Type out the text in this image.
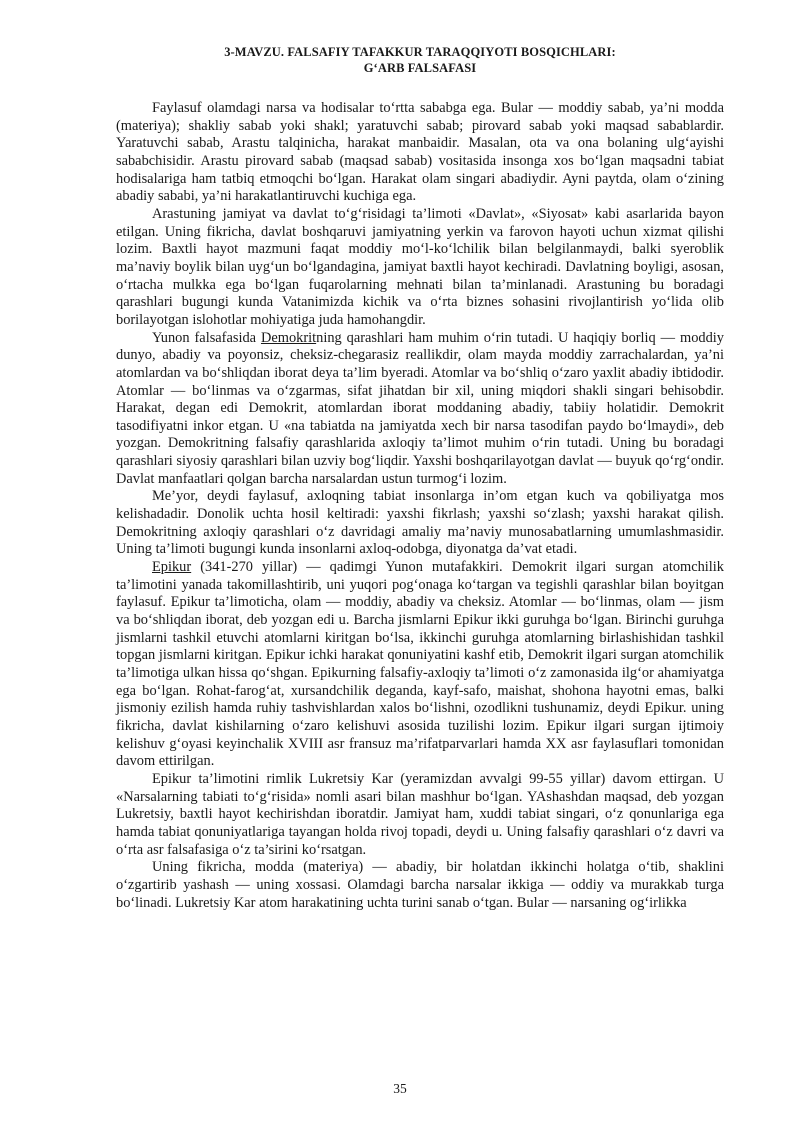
3-MAVZU. FALSAFIY TAFAKKUR TARAQQIYOTI BOSQICHLARI:
G‘ARB FALSAFASI

Faylasuf olamdagi narsa va hodisalar to‘rtta sababga ega. Bular — moddiy sabab, ya’ni modda (materiya); shakliy sabab yoki shakl; yaratuvchi sabab; pirovard sabab yoki maqsad sabablardir. Yaratuvchi sabab, Arastu talqinicha, harakat manbaidir. Masalan, ota va ona bolaning ulg‘ayishi sababchisidir. Arastu pirovard sabab (maqsad sabab) vositasida insonga xos bo‘lgan maqsadni tabiat hodisalariga ham tatbiq etmoqchi bo‘lgan. Harakat olam singari abadiydir. Ayni paytda, olam o‘zining abadiy sababi, ya’ni harakatlantiruvchi kuchiga ega.

Arastuning jamiyat va davlat to‘g‘risidagi ta’limoti «Davlat», «Siyosat» kabi asarlarida bayon etilgan. Uning fikricha, davlat boshqaruvi jamiyatning yerkin va farovon hayoti uchun xizmat qilishi lozim. Baxtli hayot mazmuni faqat moddiy mo‘l-ko‘lchilik bilan belgilanmaydi, balki syeroblik ma’naviy boylik bilan uyg‘un bo‘lgandagina, jamiyat baxtli hayot kechiradi. Davlatning boyligi, asosan, o‘rtacha mulkka ega bo‘lgan fuqarolarning mehnati bilan ta’minlanadi. Arastuning bu boradagi qarashlari bugungi kunda Vatanimizda kichik va o‘rta biznes sohasini rivojlantirish yo‘lida olib borilayotgan islohotlar mohiyatiga juda hamohangdir.

Yunon falsafasida Demokritning qarashlari ham muhim o‘rin tutadi. U haqiqiy borliq — moddiy dunyo, abadiy va poyonsiz, cheksiz-chegarasiz reallikdir, olam mayda moddiy zarrachalardan, ya’ni atomlardan va bo‘shliqdan iborat deya ta’lim byeradi. Atomlar va bo‘shliq o‘zaro yaxlit abadiy ibtidodir. Atomlar — bo‘linmas va o‘zgarmas, sifat jihatdan bir xil, uning miqdori shakli singari behisobdir. Harakat, degan edi Demokrit, atomlardan iborat moddaning abadiy, tabiiy holatidir. Demokrit tasodifiyatni inkor etgan. U «na tabiatda na jamiyatda xech bir narsa tasodifan paydo bo‘lmaydi», deb yozgan. Demokritning falsafiy qarashlarida axloqiy ta’limot muhim o‘rin tutadi. Uning bu boradagi qarashlari siyosiy qarashlari bilan uzviy bog‘liqdir. Yaxshi boshqarilayotgan davlat — buyuk qo‘rg‘ondir. Davlat manfaatlari qolgan barcha narsalardan ustun turmog‘i lozim.

Me’yor, deydi faylasuf, axloqning tabiat insonlarga in’om etgan kuch va qobiliyatga mos kelishadadir. Donolik uchta hosil keltiradi: yaxshi fikrlash; yaxshi so‘zlash; yaxshi harakat qilish. Demokritning axloqiy qarashlari o‘z davridagi amaliy ma’naviy munosabatlarning umumlashmasidir. Uning ta’limoti bugungi kunda insonlarni axloq-odobga, diyonatga da’vat etadi.

Epikur (341-270 yillar) — qadimgi Yunon mutafakkiri. Demokrit ilgari surgan atomchilik ta’limotini yanada takomillashtirib, uni yuqori pog‘onaga ko‘targan va tegishli qarashlar bilan boyitgan faylasuf. Epikur ta’limoticha, olam — moddiy, abadiy va cheksiz. Atomlar — bo‘linmas, olam — jism va bo‘shliqdan iborat, deb yozgan edi u. Barcha jismlarni Epikur ikki guruhga bo‘lgan. Birinchi guruhga jismlarni tashkil etuvchi atomlarni kiritgan bo‘lsa, ikkinchi guruhga atomlarning birlashishidan tashkil topgan jismlarni kiritgan. Epikur ichki harakat qonuniyatini kashf etib, Demokrit ilgari surgan atomchilik ta’limotiga ulkan hissa qo‘shgan. Epikurning falsafiy-axloqiy ta’limoti o‘z zamonasida ilg‘or ahamiyatga ega bo‘lgan. Rohat-farog‘at, xursandchilik deganda, kayf-safo, maishat, shohona hayotni emas, balki jismoniy ezilish hamda ruhiy tashvishlardan xalos bo‘lishni, ozodlikni tushunamiz, deydi Epikur. uning fikricha, davlat kishilarning o‘zaro kelishuvi asosida tuzilishi lozim. Epikur ilgari surgan ijtimoiy kelishuv g‘oyasi keyinchalik XVIII asr fransuz ma’rifatparvarlari hamda XX asr faylasuflari tomonidan davom ettirilgan.

Epikur ta’limotini rimlik Lukretsiy Kar (yeramizdan avvalgi 99-55 yillar) davom ettirgan. U «Narsalarning tabiati to‘g‘risida» nomli asari bilan mashhur bo‘lgan. YAshashdan maqsad, deb yozgan Lukretsiy, baxtli hayot kechirishdan iboratdir. Jamiyat ham, xuddi tabiat singari, o‘z qonunlariga ega hamda tabiat qonuniyatlariga tayangan holda rivoj topadi, deydi u. Uning falsafiy qarashlari o‘z davri va o‘rta asr falsafasiga o‘z ta’sirini ko‘rsatgan.

Uning fikricha, modda (materiya) — abadiy, bir holatdan ikkinchi holatga o‘tib, shaklini o‘zgartirib yashash — uning xossasi. Olamdagi barcha narsalar ikkiga — oddiy va murakkab turga bo‘linadi. Lukretsiy Kar atom harakatining uchta turini sanab o‘tgan. Bular — narsaning og‘irlikka

35
